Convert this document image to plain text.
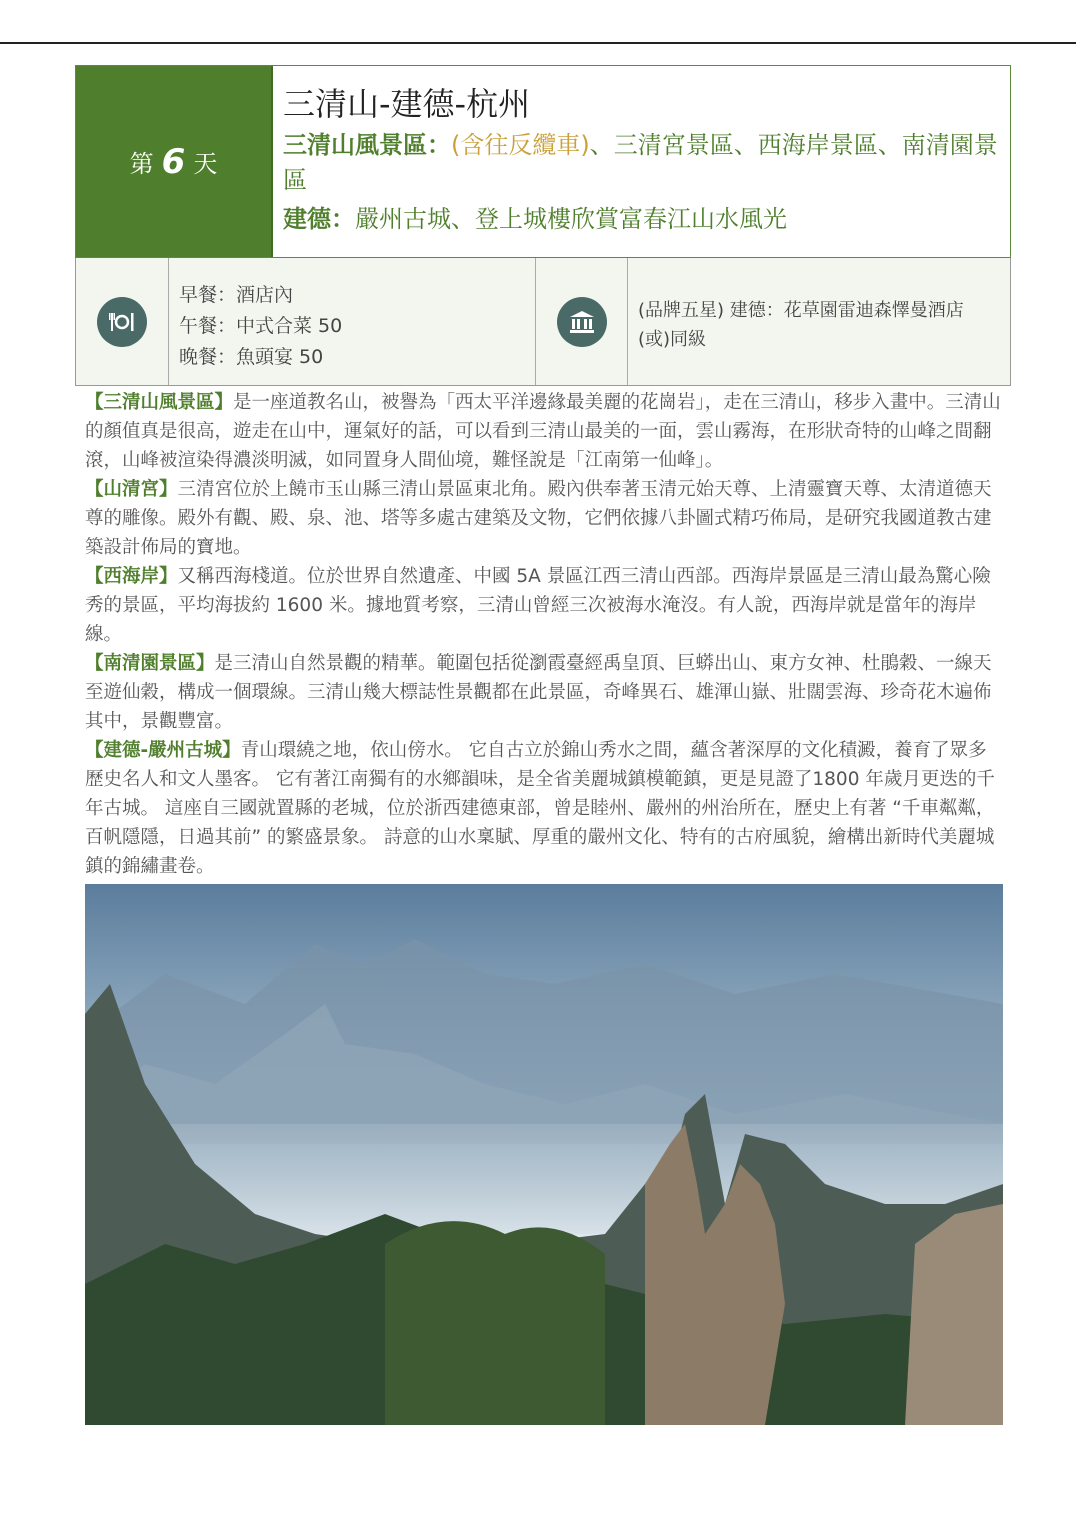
第 6 天
三清山-建德-杭州
三清山風景區：(含往反纜車)、三清宮景區、西海岸景區、南清園景區
建德：嚴州古城、登上城樓欣賞富春江山水風光
早餐：酒店內
午餐：中式合菜 50
晚餐：魚頭宴 50
(品牌五星) 建德：花草園雷迪森懌曼酒店
(或)同級

【三清山風景區】是一座道教名山，被譽為「西太平洋邊緣最美麗的花崗岩」，走在三清山，移步入畫中。三清山的顏值真是很高，遊走在山中，運氣好的話，可以看到三清山最美的一面，雲山霧海，在形狀奇特的山峰之間翻滾，山峰被渲染得濃淡明滅，如同置身人間仙境，難怪說是「江南第一仙峰」。

【山清宮】三清宮位於上饒市玉山縣三清山景區東北角。殿內供奉著玉清元始天尊、上清靈寶天尊、太清道德天尊的雕像。殿外有觀、殿、泉、池、塔等多處古建築及文物，它們依據八卦圖式精巧佈局，是研究我國道教古建築設計佈局的寶地。

【西海岸】又稱西海棧道。位於世界自然遺產、中國 5A 景區江西三清山西部。西海岸景區是三清山最為驚心險秀的景區，平均海拔約 1600 米。據地質考察，三清山曾經三次被海水淹沒。有人說，西海岸就是當年的海岸線。

【南清園景區】是三清山自然景觀的精華。範圍包括從瀏霞臺經禹皇頂、巨蟒出山、東方女神、杜鵑穀、一線天至遊仙穀，構成一個環線。三清山幾大標誌性景觀都在此景區，奇峰異石、雄渾山嶽、壯闊雲海、珍奇花木遍佈其中，景觀豐富。

【建德-嚴州古城】青山環繞之地，依山傍水。 它自古立於錦山秀水之間，蘊含著深厚的文化積澱，養育了眾多歷史名人和文人墨客。 它有著江南獨有的水鄉韻味，是全省美麗城鎮模範鎮，更是見證了1800 年歲月更迭的千年古城。 這座自三國就置縣的老城，位於浙西建德東部，曾是睦州、嚴州的州治所在，歷史上有著 “千車粼粼，百帆隱隱，日過其前” 的繁盛景象。 詩意的山水稟賦、厚重的嚴州文化、特有的古府風貌，繪構出新時代美麗城鎮的錦繡畫卷。
